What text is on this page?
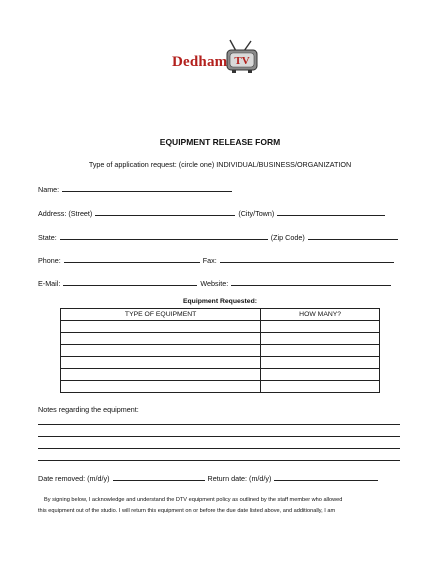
Dedham TV
EQUIPMENT RELEASE FORM
Type of application request: (circle one) INDIVIDUAL/BUSINESS/ORGANIZATION
Name:
Address: (Street)	(City/Town)
State:	(Zip Code)
Phone:	Fax:
E-Mail:	Website:
Equipment Requested:
TYPE OF EQUIPMENT	HOW MANY?

Notes regarding the equipment:
Date removed: (m/d/y)	Return date: (m/d/y)

By signing below, I acknowledge and understand the DTV equipment policy as outlined by the staff member who allowed

this equipment out of the studio. I will return this equipment on or before the due date listed above, and additionally, I am
